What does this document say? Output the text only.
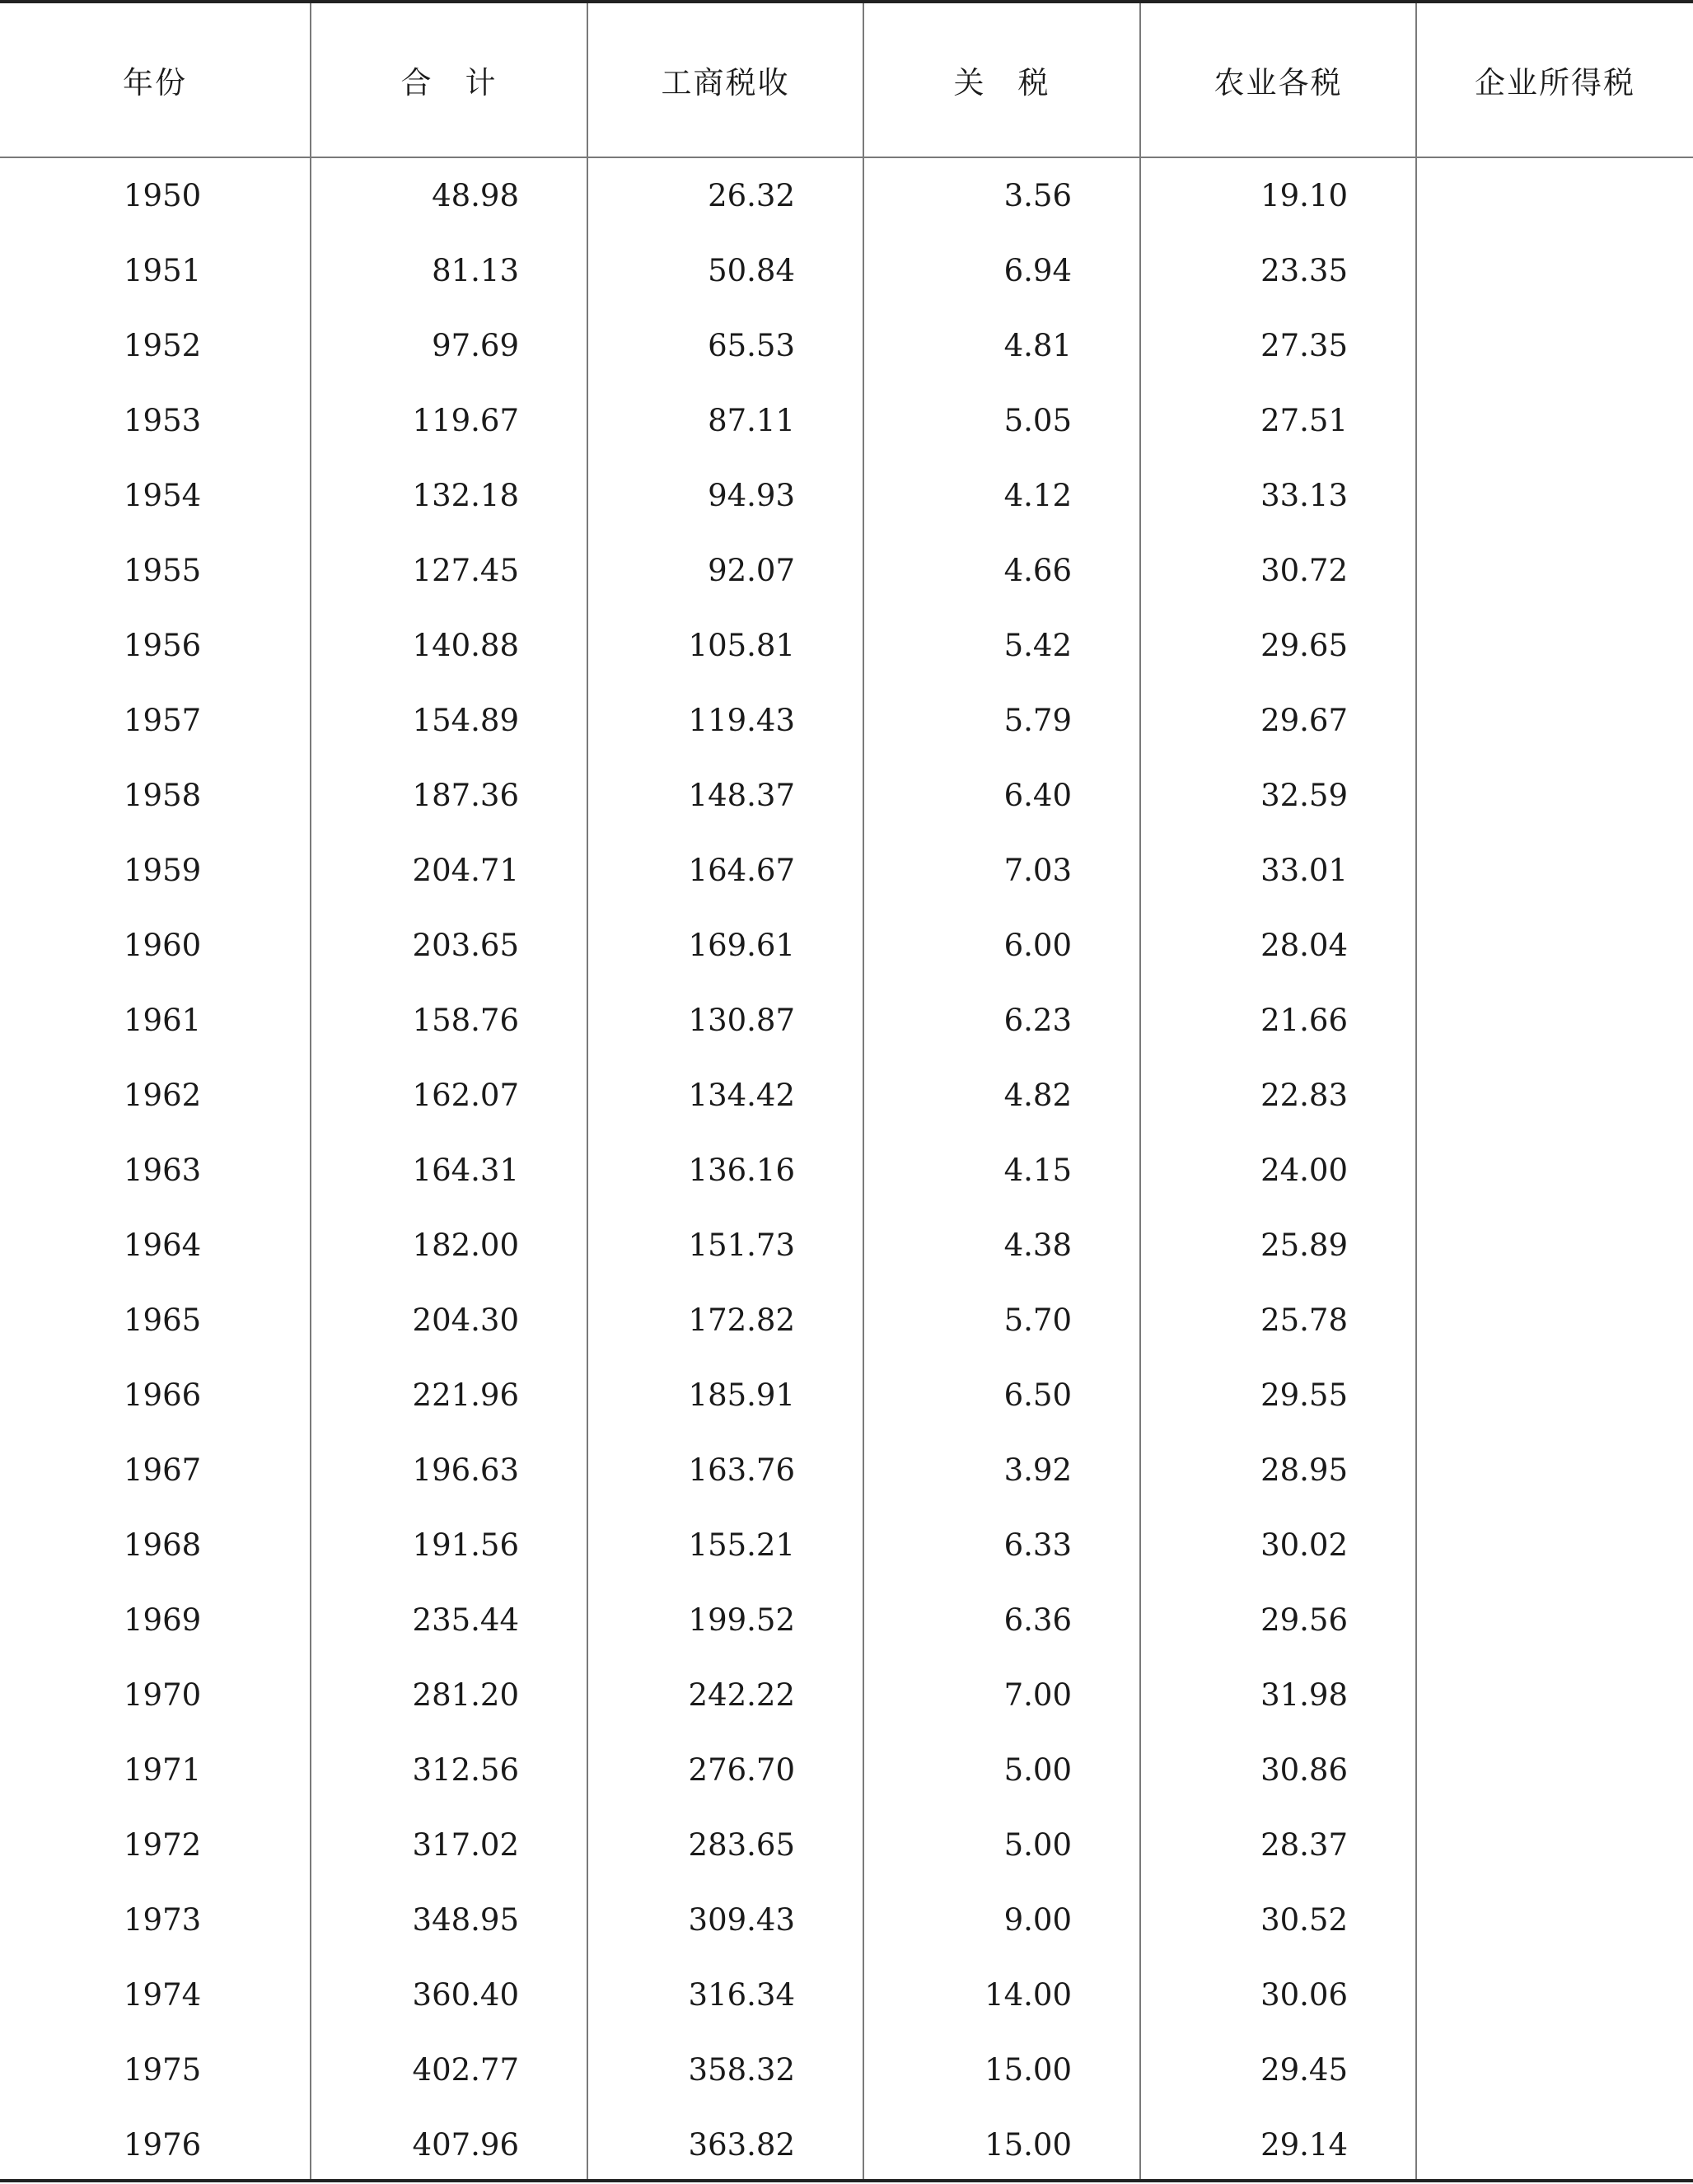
年份	合　计	工商税收	关　税	农业各税	企业所得税
1950	48.98	26.32	3.56	19.10	
1951	81.13	50.84	6.94	23.35	
1952	97.69	65.53	4.81	27.35	
1953	119.67	87.11	5.05	27.51	
1954	132.18	94.93	4.12	33.13	
1955	127.45	92.07	4.66	30.72	
1956	140.88	105.81	5.42	29.65	
1957	154.89	119.43	5.79	29.67	
1958	187.36	148.37	6.40	32.59	
1959	204.71	164.67	7.03	33.01	
1960	203.65	169.61	6.00	28.04	
1961	158.76	130.87	6.23	21.66	
1962	162.07	134.42	4.82	22.83	
1963	164.31	136.16	4.15	24.00	
1964	182.00	151.73	4.38	25.89	
1965	204.30	172.82	5.70	25.78	
1966	221.96	185.91	6.50	29.55	
1967	196.63	163.76	3.92	28.95	
1968	191.56	155.21	6.33	30.02	
1969	235.44	199.52	6.36	29.56	
1970	281.20	242.22	7.00	31.98	
1971	312.56	276.70	5.00	30.86	
1972	317.02	283.65	5.00	28.37	
1973	348.95	309.43	9.00	30.52	
1974	360.40	316.34	14.00	30.06	
1975	402.77	358.32	15.00	29.45	
1976	407.96	363.82	15.00	29.14	
